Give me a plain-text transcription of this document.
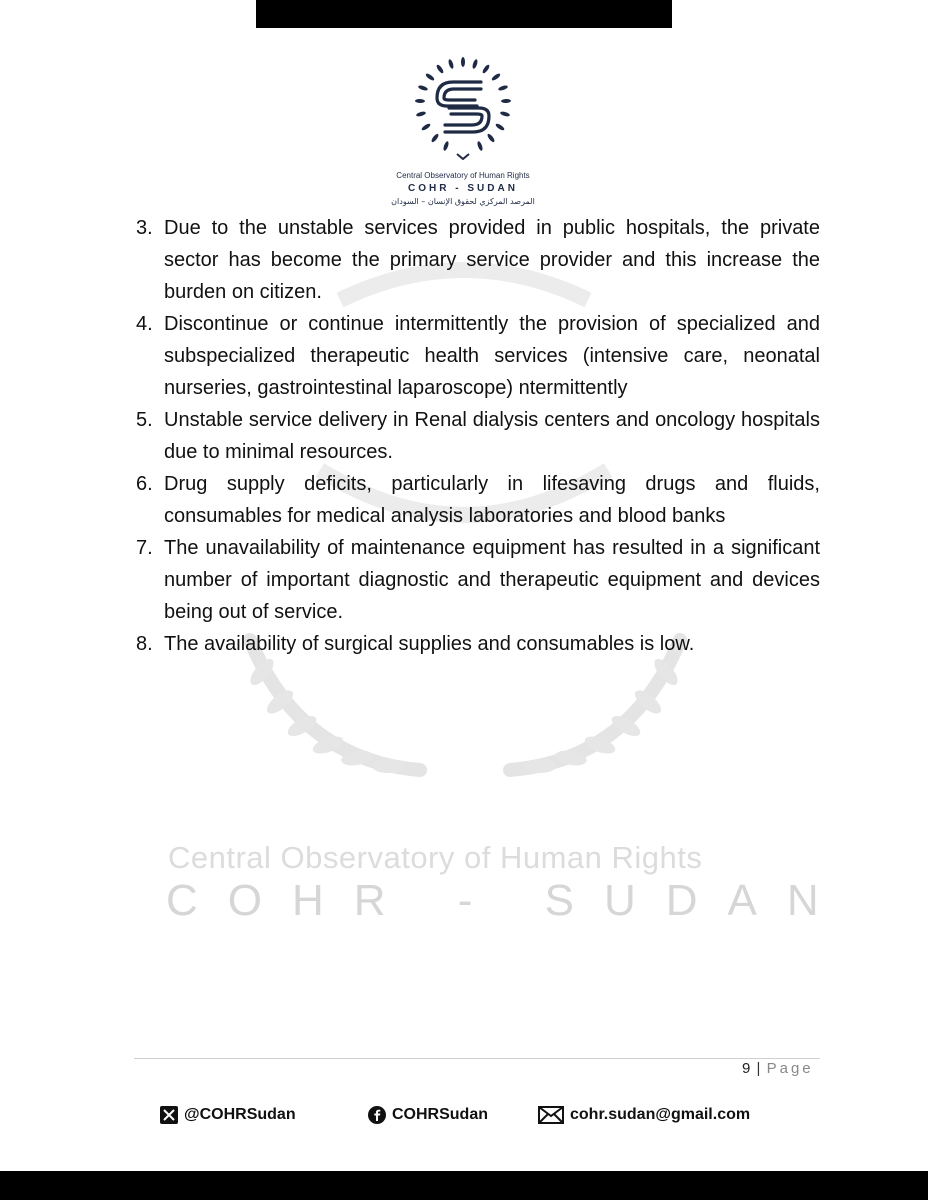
Central Observatory of Human Rights
COHR - SUDAN
Central Observatory of Human Rights
COHR - SUDAN
المرصد المركزي لحقوق الإنسان – السودان
3. Due to the unstable services provided in public hospitals, the private sector has become the primary service provider and this increase the burden on citizen.
4. Discontinue or continue intermittently the provision of specialized and subspecialized therapeutic health services (intensive care, neonatal nurseries, gastrointestinal laparoscope) ntermittently
5. Unstable service delivery in Renal dialysis centers and oncology hospitals due to minimal resources.
6. Drug supply deficits, particularly in lifesaving drugs and fluids, consumables for medical analysis laboratories and blood banks
7. The unavailability of maintenance equipment has resulted in a significant number of important diagnostic and therapeutic equipment and devices being out of service.
8. The availability of surgical supplies and consumables is low.
9 | Page
@COHRSudan	COHRSudan	cohr.sudan@gmail.com
